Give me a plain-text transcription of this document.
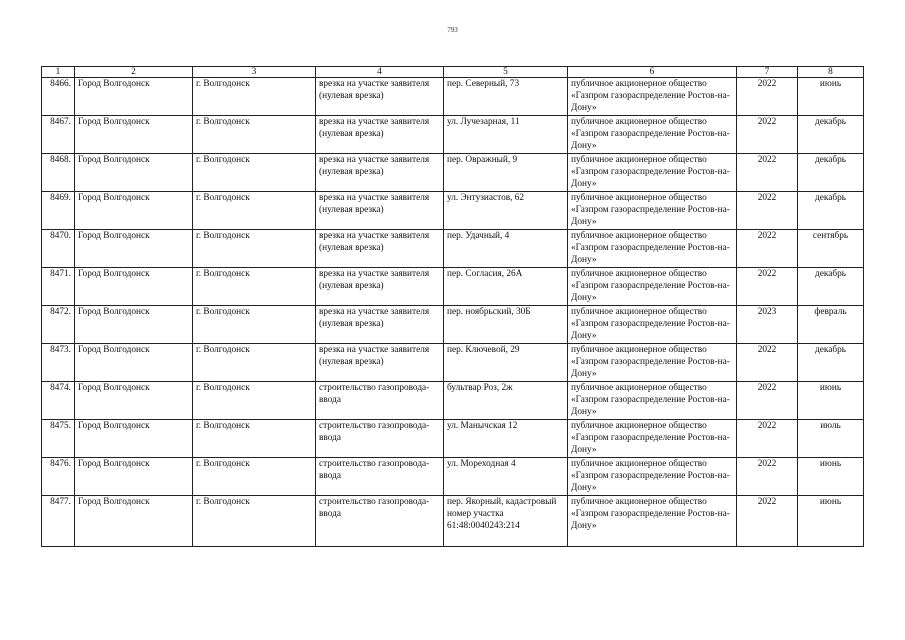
793
1	2	3	4	5	6	7	8
8466.	Город Волгодонск	г. Волгодонск	врезка на участке заявителя (нулевая врезка)	пер. Северный, 73	публичное акционерное общество «Газпром газораспределение Ростов-на-Дону»	2022	июнь
8467.	Город Волгодонск	г. Волгодонск	врезка на участке заявителя (нулевая врезка)	ул. Лучезарная, 11	публичное акционерное общество «Газпром газораспределение Ростов-на-Дону»	2022	декабрь
8468.	Город Волгодонск	г. Волгодонск	врезка на участке заявителя (нулевая врезка)	пер. Овражный, 9	публичное акционерное общество «Газпром газораспределение Ростов-на-Дону»	2022	декабрь
8469.	Город Волгодонск	г. Волгодонск	врезка на участке заявителя (нулевая врезка)	ул. Энтузиастов, 62	публичное акционерное общество «Газпром газораспределение Ростов-на-Дону»	2022	декабрь
8470.	Город Волгодонск	г. Волгодонск	врезка на участке заявителя (нулевая врезка)	пер. Удачный, 4	публичное акционерное общество «Газпром газораспределение Ростов-на-Дону»	2022	сентябрь
8471.	Город Волгодонск	г. Волгодонск	врезка на участке заявителя (нулевая врезка)	пер. Согласия, 26А	публичное акционерное общество «Газпром газораспределение Ростов-на-Дону»	2022	декабрь
8472.	Город Волгодонск	г. Волгодонск	врезка на участке заявителя (нулевая врезка)	пер. ноябрьский, 30Б	публичное акционерное общество «Газпром газораспределение Ростов-на-Дону»	2023	февраль
8473.	Город Волгодонск	г. Волгодонск	врезка на участке заявителя (нулевая врезка)	пер. Ключевой, 29	публичное акционерное общество «Газпром газораспределение Ростов-на-Дону»	2022	декабрь
8474.	Город Волгодонск	г. Волгодонск	строительство газопровода-ввода	бультвар Роз, 2ж	публичное акционерное общество «Газпром газораспределение Ростов-на-Дону»	2022	июнь
8475.	Город Волгодонск	г. Волгодонск	строительство газопровода-ввода	ул. Манычская 12	публичное акционерное общество «Газпром газораспределение Ростов-на-Дону»	2022	июль
8476.	Город Волгодонск	г. Волгодонск	строительство газопровода-ввода	ул. Мореходная 4	публичное акционерное общество «Газпром газораспределение Ростов-на-Дону»	2022	июнь
8477.	Город Волгодонск	г. Волгодонск	строительство газопровода-ввода	пер. Якорный, кадастровый номер участка 61:48:0040243:214	публичное акционерное общество «Газпром газораспределение Ростов-на-Дону»	2022	июнь
